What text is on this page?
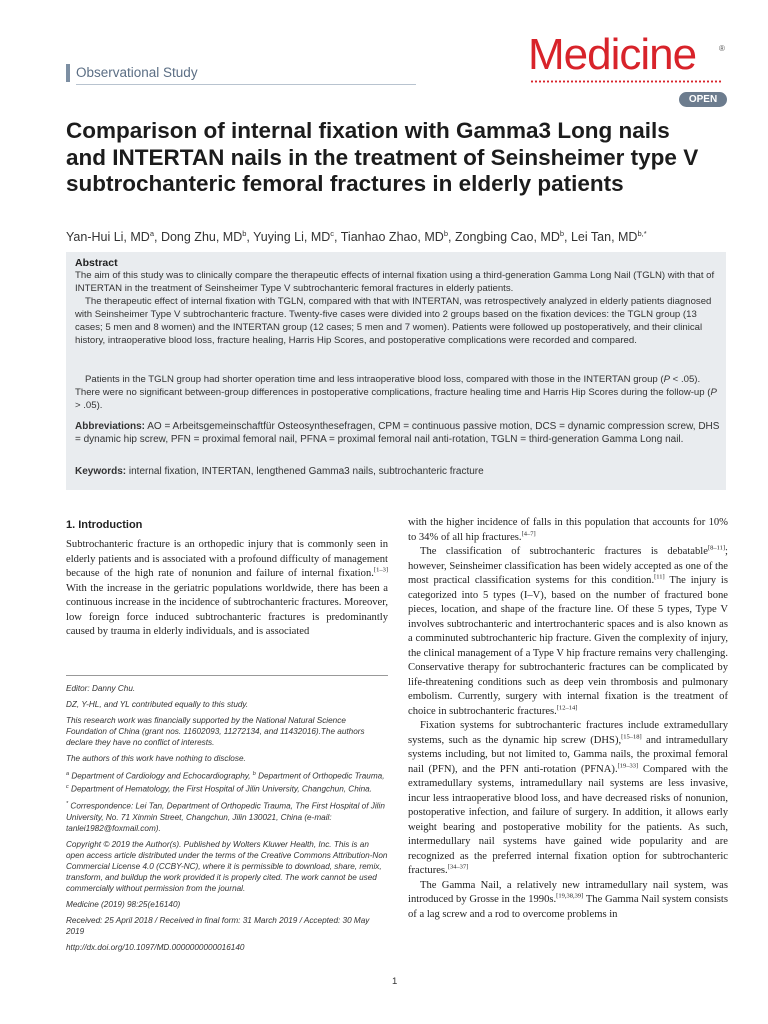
Observational Study	Medicine	®
OPEN
Comparison of internal fixation with Gamma3 Long nails and INTERTAN nails in the treatment of Seinsheimer type V subtrochanteric femoral fractures in elderly patients
Yan-Hui Li, $MD^a$, Dong Zhu, $MD^b$, Yuying Li, $MD^c$, Tianhao Zhao, $MD^b$, Zongbing Cao, $MD^b$, Lei Tan, $MD^{b,*}$
Abstract

The aim of this study was to clinically compare the therapeutic effects of internal fixation using a third-generation Gamma Long Nail (TGLN) with that of INTERTAN in the treatment of Seinsheimer Type V subtrochanteric femoral fractures in elderly patients.

The therapeutic effect of internal fixation with TGLN, compared with that with INTERTAN, was retrospectively analyzed in elderly patients diagnosed with Seinsheimer Type V subtrochanteric fracture. Twenty-five cases were divided into 2 groups based on the fixation devices: the TGLN group (13 cases; 5 men and 8 women) and the INTERTAN group (12 cases; 5 men and 7 women). Patients were followed up postoperatively, and their clinical history, intraoperative blood loss, fracture healing, Harris Hip Scores, and postoperative complications were recorded and compared.

Patients in the TGLN group had shorter operation time and less intraoperative blood loss, compared with those in the INTERTAN group (P < .05). There were no significant between-group differences in postoperative complications, fracture healing time and Harris Hip Scores during the follow-up (P > .05).

Abbreviations: AO = Arbeitsgemeinschaftfür Osteosynthesefragen, CPM = continuous passive motion, DCS = dynamic compression screw, DHS = dynamic hip screw, PFN = proximal femoral nail, PFNA = proximal femoral nail anti-rotation, TGLN = third-generation Gamma Long nail.

Keywords: internal fixation, INTERTAN, lengthened Gamma3 nails, subtrochanteric fracture

1. Introduction
Subtrochanteric fracture is an orthopedic injury that is commonly seen in elderly patients and is associated with a profound difficulty of management because of the high rate of nonunion and failure of internal fixation.[1–3] With the increase in the geriatric populations worldwide, there has been a continuous increase in the incidence of subtrochanteric fractures. Moreover, low foreign force induced subtrochanteric fractures is predominantly caused by trauma in elderly individuals, and is associated

Editor: Danny Chu.

DZ, Y-HL, and YL contributed equally to this study.

This research work was financially supported by the National Natural Science Foundation of China (grant nos. 11602093, 11272134, and 11432016).The authors declare they have no conflict of interests.

The authors of this work have nothing to disclose.

$^a$ Department of Cardiology and Echocardiography, $^b$ Department of Orthopedic Trauma, $^c$ Department of Hematology, the First Hospital of Jilin University, Changchun, China.

* Correspondence: Lei Tan, Department of Orthopedic Trauma, The First Hospital of Jilin University, No. 71 Xinmin Street, Changchun, Jilin 130021, China (e-mail: tanlei1982@foxmail.com).

Copyright © 2019 the Author(s). Published by Wolters Kluwer Health, Inc. This is an open access article distributed under the terms of the Creative Commons Attribution-Non Commercial License 4.0 (CCBY-NC), where it is permissible to download, share, remix, transform, and buildup the work provided it is properly cited. The work cannot be used commercially without permission from the journal.

Medicine (2019) 98:25(e16140)

Received: 25 April 2018 / Received in final form: 31 March 2019 / Accepted: 30 May 2019

http://dx.doi.org/10.1097/MD.0000000000016140

with the higher incidence of falls in this population that accounts for 10% to 34% of all hip fractures.[4–7]

The classification of subtrochanteric fractures is debatable[8–11]; however, Seinsheimer classification has been widely accepted as one of the most practical classification systems for this condition.[11] The injury is categorized into 5 types (I–V), based on the number of fractured bone pieces, location, and shape of the fracture line. Of these 5 types, Type V involves subtrochanteric and intertrochanteric spaces and is also known as a comminuted subtrochanteric hip fracture. Given the complexity of injury, the clinical management of a Type V hip fracture remains very challenging. Conservative therapy for subtrochanteric fractures can be complicated by life-threatening conditions such as deep vein thrombosis and pulmonary embolism. Currently, surgery with internal fixation is the treatment of choice in subtrochanteric fractures.[12–14]

Fixation systems for subtrochanteric fractures include extramedullary systems, such as the dynamic hip screw (DHS),[15–18] and intramedullary systems including, but not limited to, Gamma nails, the proximal femoral nail (PFN), and the PFN anti-rotation (PFNA).[19–33] Compared with the extramedullary systems, intramedullary nail systems are less invasive, incur less intraoperative blood loss, and have decreased risks of nonunion, postoperative infection, and failure of surgery. In addition, it allows early weight bearing and postoperative mobility for the patients. As such, intermedullary nail systems have gained wide popularity and are recognized as the preferred internal fixation option for subtrochanteric fractures.[34–37]

The Gamma Nail, a relatively new intramedullary nail system, was introduced by Grosse in the 1990s.[19,38,39] The Gamma Nail system consists of a lag screw and a rod to overcome problems in

1
